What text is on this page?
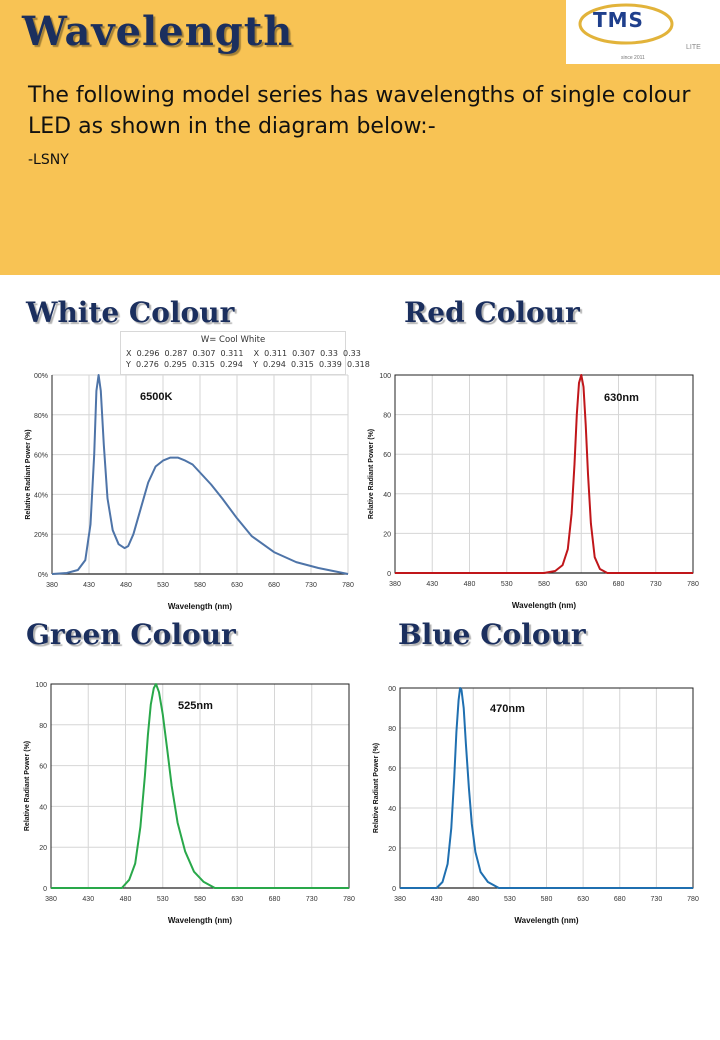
Wavelength	TMS
LITE
since 2011
The following model series has wavelengths of single colour LED as shown in the diagram below:-
-LSNY
White Colour	Red Colour
Green Colour	Blue Colour
380	430	480	530	580	630	680	730	780
0%
20%
40%
60%
80%
00%
Wavelength (nm)
Relative Radiant Power (%)
6500K
380	430	480	530	580	630	680	730	780
0
20
40
60
80
100
Wavelength (nm)
Relative Radiant Power (%)
630nm
380	430	480	530	580	630	680	730	780
0
20
40
60
80
100
Wavelength (nm)
Relative Radiant Power (%)
525nm
380	430	480	530	580	630	680	730	780
0
20
40
60
80
00
Wavelength (nm)
Relative Radiant Power (%)
470nm
W= Cool White
X  0.296  0.287  0.307  0.311    X  0.311  0.307  0.33  0.33
Y  0.276  0.295  0.315  0.294    Y  0.294  0.315  0.339  0.318
